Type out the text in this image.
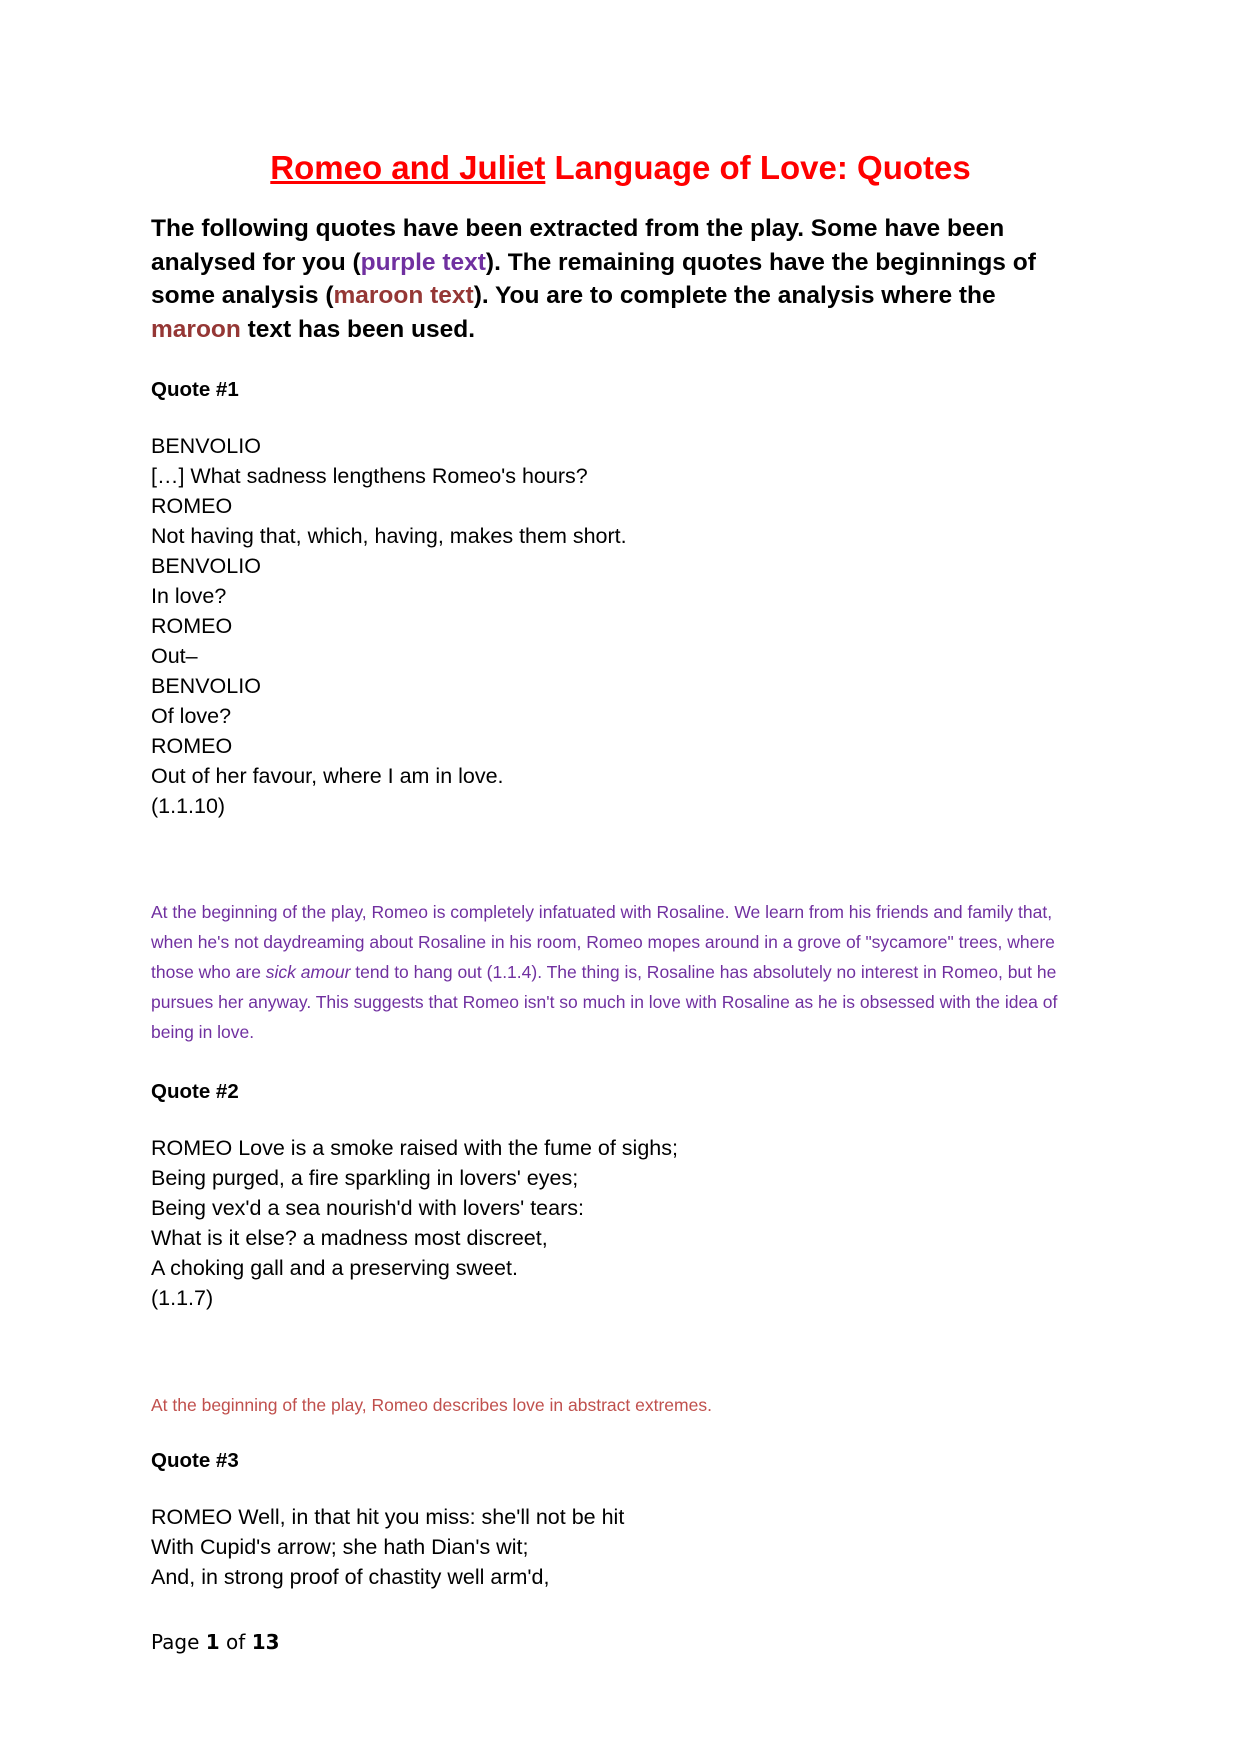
Romeo and Juliet Language of Love: Quotes

The following quotes have been extracted from the play. Some have been analysed for you (purple text). The remaining quotes have the beginnings of some analysis (maroon text). You are to complete the analysis where the maroon text has been used.

Quote #1

BENVOLIO
[…] What sadness lengthens Romeo's hours?
ROMEO
Not having that, which, having, makes them short.
BENVOLIO
In love?
ROMEO
Out–
BENVOLIO
Of love?
ROMEO
Out of her favour, where I am in love.
(1.1.10)

At the beginning of the play, Romeo is completely infatuated with Rosaline. We learn from his friends and family that, when he's not daydreaming about Rosaline in his room, Romeo mopes around in a grove of "sycamore" trees, where those who are sick amour tend to hang out (1.1.4). The thing is, Rosaline has absolutely no interest in Romeo, but he pursues her anyway. This suggests that Romeo isn't so much in love with Rosaline as he is obsessed with the idea of being in love.

Quote #2

ROMEO Love is a smoke raised with the fume of sighs;
Being purged, a fire sparkling in lovers' eyes;
Being vex'd a sea nourish'd with lovers' tears:
What is it else? a madness most discreet,
A choking gall and a preserving sweet.
(1.1.7)

At the beginning of the play, Romeo describes love in abstract extremes.

Quote #3

ROMEO Well, in that hit you miss: she'll not be hit
With Cupid's arrow; she hath Dian's wit;
And, in strong proof of chastity well arm'd,

Page 1 of 13
